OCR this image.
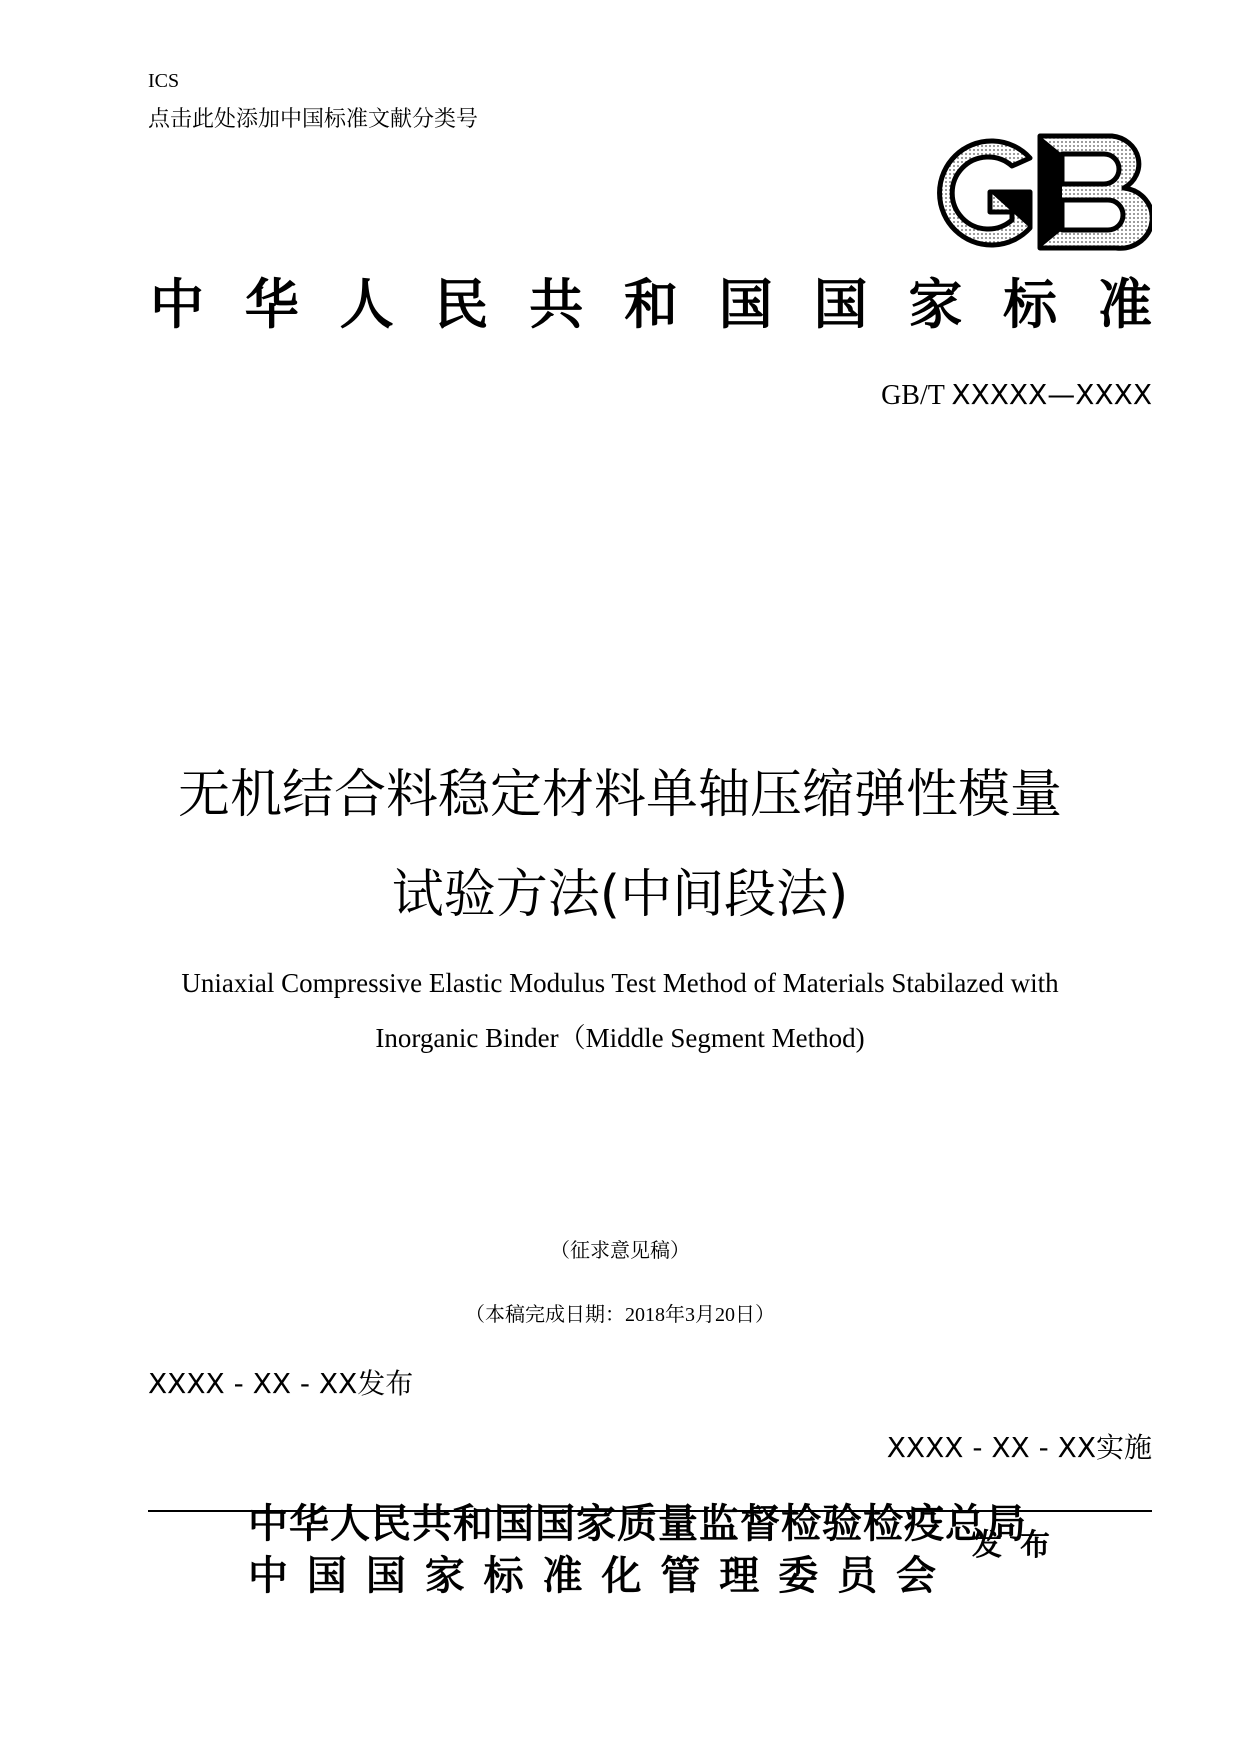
ICS
点击此处添加中国标准文献分类号
中 华 人 民 共 和 国 国 家 标 准
GB/T XXXXX—XXXX
无机结合料稳定材料单轴压缩弹性模量
试验方法(中间段法)
Uniaxial Compressive Elastic Modulus Test Method of Materials Stabilazed with
Inorganic Binder（Middle Segment Method)
（征求意见稿）
（本稿完成日期：2018年3月20日）
XXXX - XX - XX发布
XXXX - XX - XX实施
中华人民共和国国家质量监督检验检疫总局
中 国 国 家 标 准 化 管 理 委 员 会
发布
